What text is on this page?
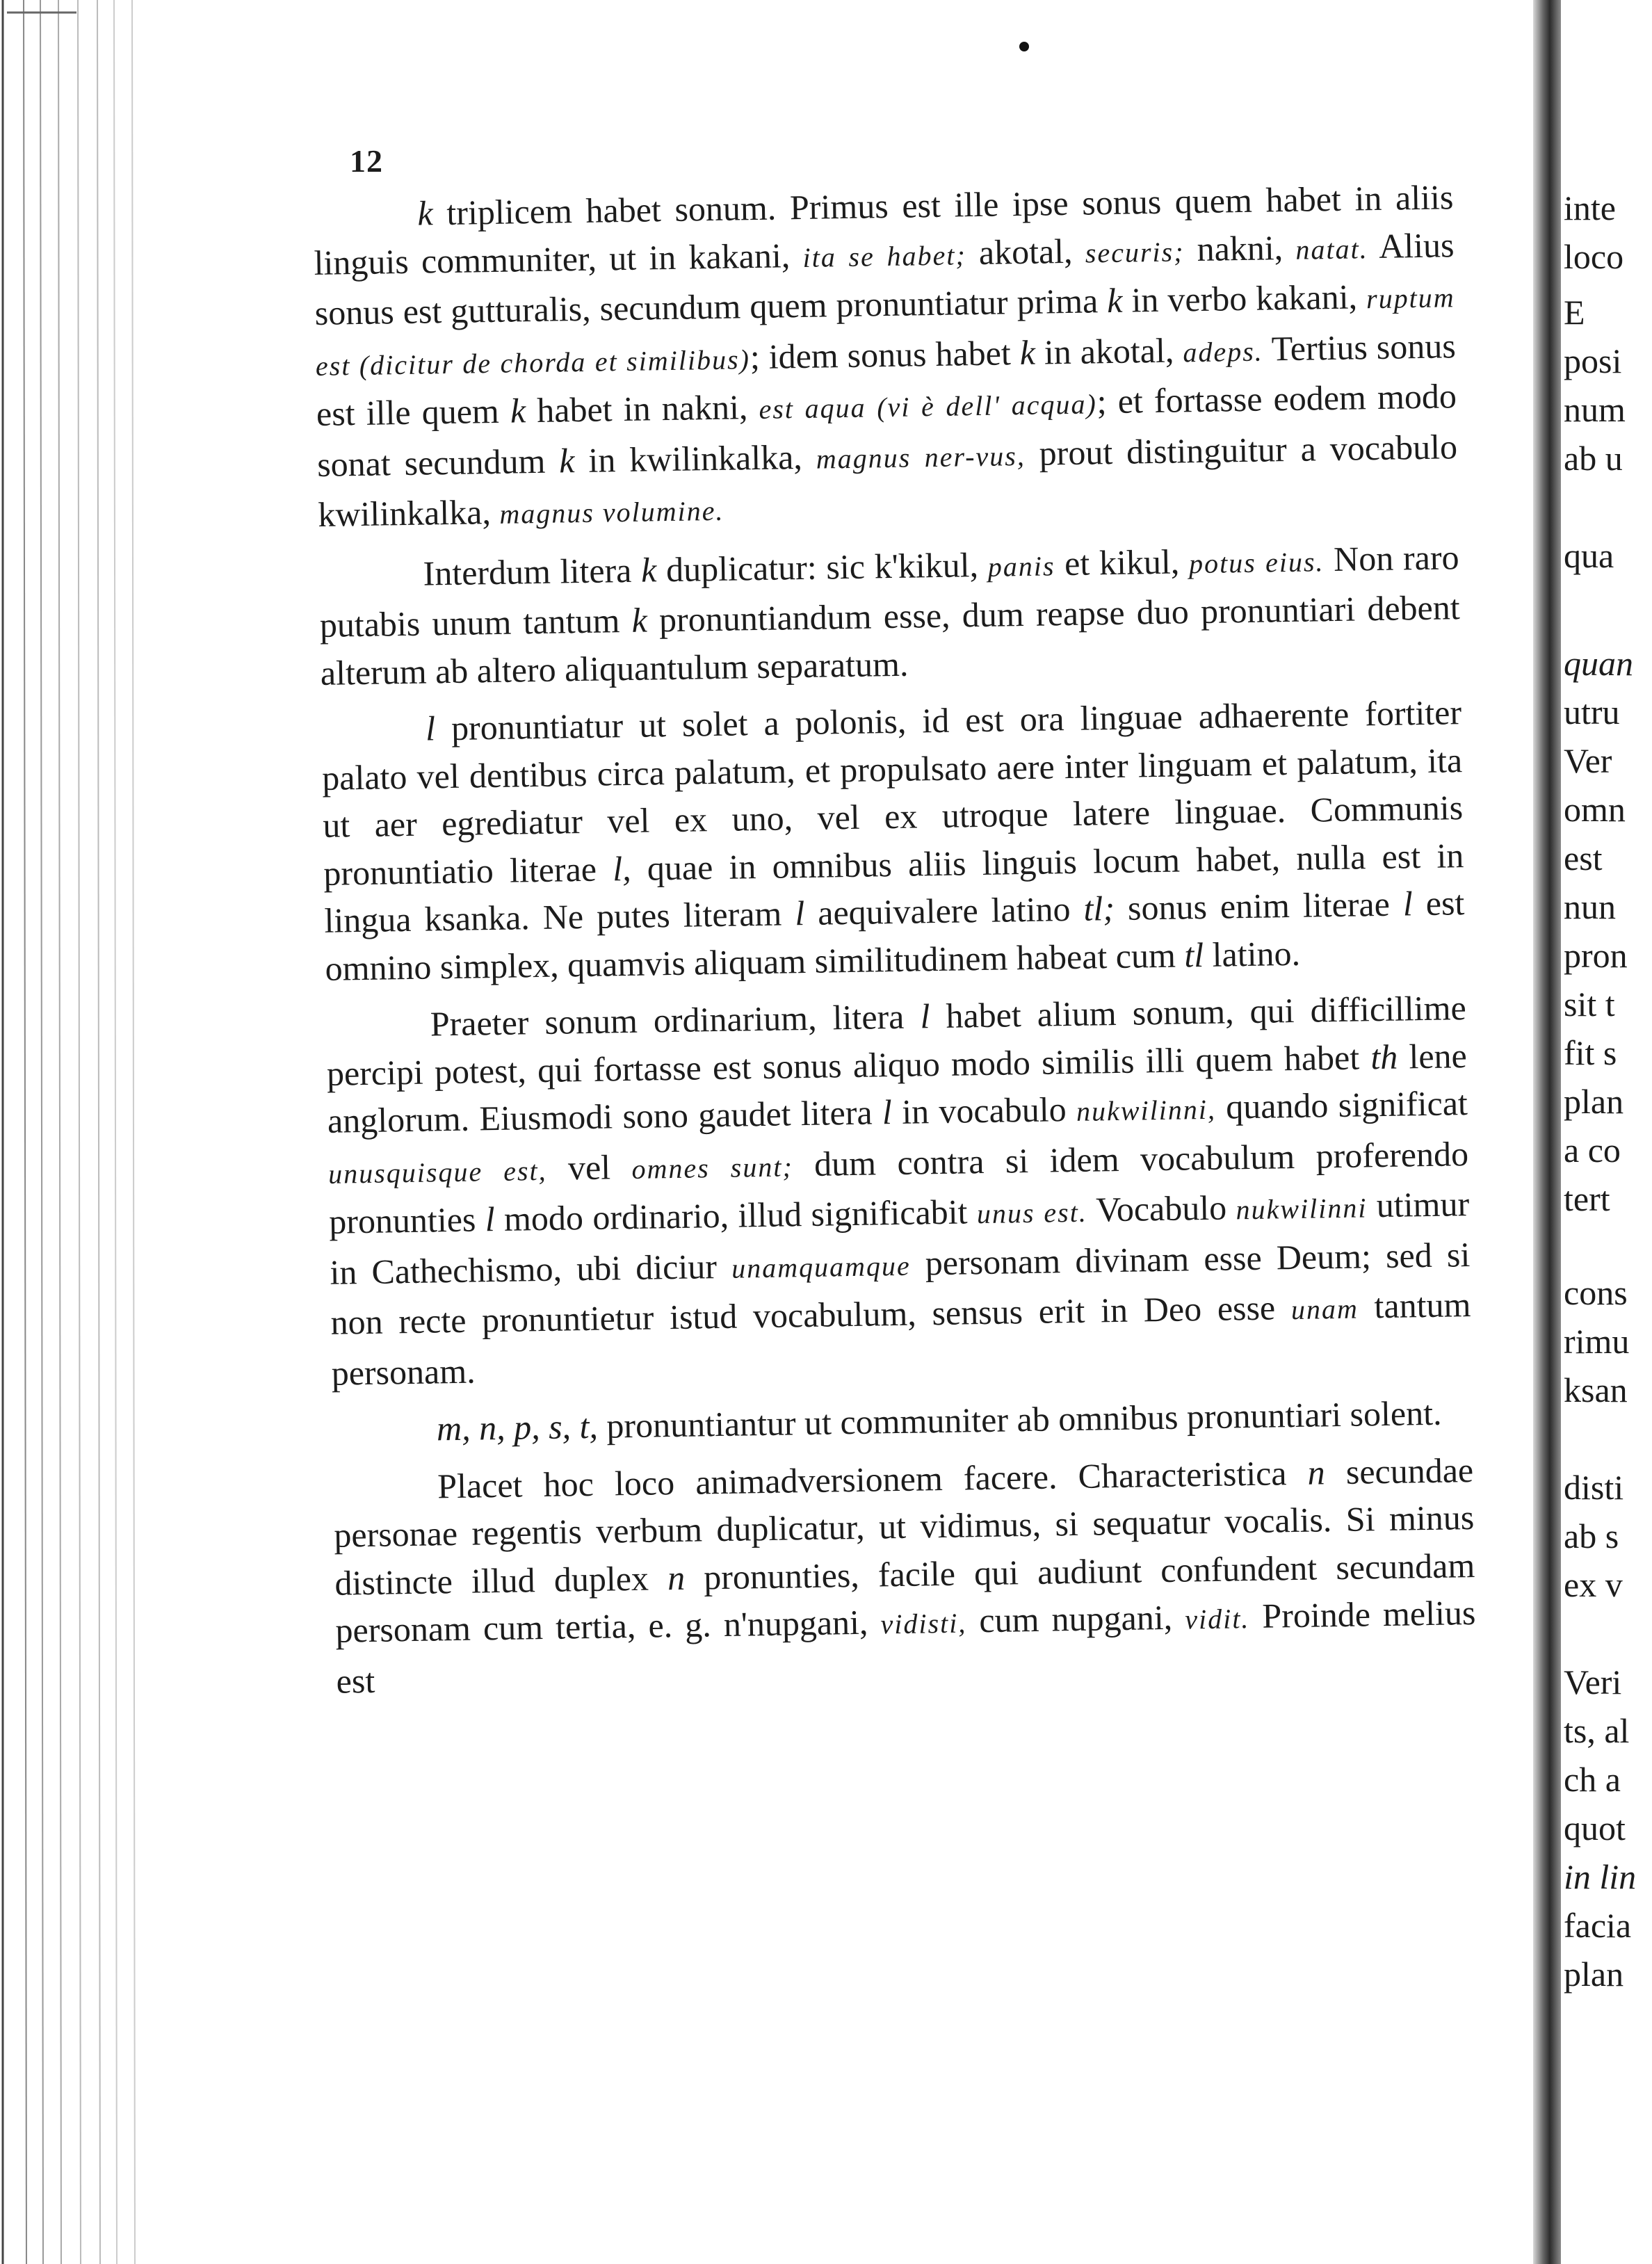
12

k triplicem habet sonum. Primus est ille ipse sonus quem habet in aliis linguis communiter, ut in kakani, ita se habet; akotal, securis; nakni, natat. Alius sonus est gutturalis, secundum quem pronuntiatur prima k in verbo kakani, ruptum est (dicitur de chorda et similibus); idem sonus habet k in akotal, adeps. Tertius sonus est ille quem k habet in nakni, est aqua (vi è dell' acqua); et fortasse eodem modo sonat secundum k in kwilinkalka, magnus ner-vus, prout distinguitur a vocabulo kwilinkalka, magnus volumine.

Interdum litera k duplicatur: sic k'kikul, panis et kikul, potus eius. Non raro putabis unum tantum k pronuntiandum esse, dum reapse duo pronuntiari debent alterum ab altero aliquantulum separatum.

l pronuntiatur ut solet a polonis, id est ora linguae adhaerente fortiter palato vel dentibus circa palatum, et propulsato aere inter linguam et palatum, ita ut aer egrediatur vel ex uno, vel ex utroque latere linguae. Communis pronuntiatio literae l, quae in omnibus aliis linguis locum habet, nulla est in lingua ksanka. Ne putes literam l aequivalere latino tl; sonus enim literae l est omnino simplex, quamvis aliquam similitudinem habeat cum tl latino.

Praeter sonum ordinarium, litera l habet alium sonum, qui difficillime percipi potest, qui fortasse est sonus aliquo modo similis illi quem habet th lene anglorum. Eiusmodi sono gaudet litera l in vocabulo nukwilinni, quando significat unusquisque est, vel omnes sunt; dum contra si idem vocabulum proferendo pronunties l modo ordinario, illud significabit unus est. Vocabulo nukwilinni utimur in Cathechismo, ubi diciur unamquamque personam divinam esse Deum; sed si non recte pronuntietur istud vocabulum, sensus erit in Deo esse unam tantum personam.

m, n, p, s, t, pronuntiantur ut communiter ab omnibus pronuntiari solent.

Placet hoc loco animadversionem facere. Characteristica n secundae personae regentis verbum duplicatur, ut vidimus, si sequatur vocalis. Si minus distincte illud duplex n pronunties, facile qui audiunt confundent secundam personam cum tertia, e. g. n'nupgani, vidisti, cum nupgani, vidit. Proinde melius est

inte
loco
E
posi
num
ab u
qua
quan
utru
Ver
omn
est
nun
pron
sit t
fit s
plan
a co
tert
cons
rimu
ksan
disti
ab s
ex v
Veri
ts, al
ch a
quot
in lin
facia
plan
